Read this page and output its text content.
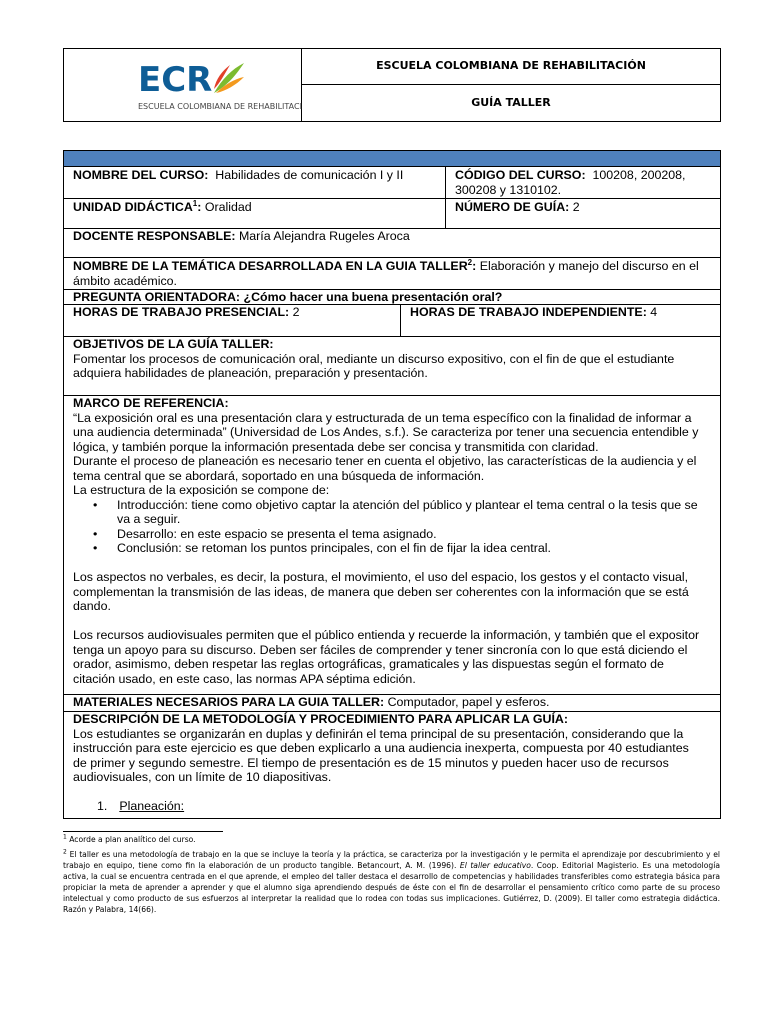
ECR
ESCUELA COLOMBIANA DE REHABILITACIÓN
ESCUELA COLOMBIANA DE REHABILITACIÓN
GUÍA TALLER
NOMBRE DEL CURSO: Habilidades de comunicación I y II	CÓDIGO DEL CURSO: 100208, 200208,
300208 y 1310102.
UNIDAD DIDÁCTICA$^1$: Oralidad	NÚMERO DE GUÍA: 2
DOCENTE RESPONSABLE: María Alejandra Rugeles Aroca
NOMBRE DE LA TEMÁTICA DESARROLLADA EN LA GUIA TALLER$^2$: Elaboración y manejo del discurso en el
ámbito académico.
PREGUNTA ORIENTADORA: ¿Cómo hacer una buena presentación oral?
HORAS DE TRABAJO PRESENCIAL: 2	HORAS DE TRABAJO INDEPENDIENTE: 4
OBJETIVOS DE LA GUÍA TALLER:
Fomentar los procesos de comunicación oral, mediante un discurso expositivo, con el fin de que el estudiante
adquiera habilidades de planeación, preparación y presentación.
MARCO DE REFERENCIA:
“La exposición oral es una presentación clara y estructurada de un tema específico con la finalidad de informar a
una audiencia determinada” (Universidad de Los Andes, s.f.). Se caracteriza por tener una secuencia entendible y
lógica, y también porque la información presentada debe ser concisa y transmitida con claridad.
Durante el proceso de planeación es necesario tener en cuenta el objetivo, las características de la audiencia y el
tema central que se abordará, soportado en una búsqueda de información.
La estructura de la exposición se compone de:
• Introducción: tiene como objetivo captar la atención del público y plantear el tema central o la tesis que se
va a seguir.
• Desarrollo: en este espacio se presenta el tema asignado.
• Conclusión: se retoman los puntos principales, con el fin de fijar la idea central.
Los aspectos no verbales, es decir, la postura, el movimiento, el uso del espacio, los gestos y el contacto visual,
complementan la transmisión de las ideas, de manera que deben ser coherentes con la información que se está
dando.

Los recursos audiovisuales permiten que el público entienda y recuerde la información, y también que el expositor
tenga un apoyo para su discurso. Deben ser fáciles de comprender y tener sincronía con lo que está diciendo el
orador, asimismo, deben respetar las reglas ortográficas, gramaticales y las dispuestas según el formato de
citación usado, en este caso, las normas APA séptima edición.
MATERIALES NECESARIOS PARA LA GUIA TALLER: Computador, papel y esferos.
DESCRIPCIÓN DE LA METODOLOGÍA Y PROCEDIMIENTO PARA APLICAR LA GUÍA:
Los estudiantes se organizarán en duplas y definirán el tema principal de su presentación, considerando que la
instrucción para este ejercicio es que deben explicarlo a una audiencia inexperta, compuesta por 40 estudiantes
de primer y segundo semestre. El tiempo de presentación es de 15 minutos y pueden hacer uso de recursos
audiovisuales, con un límite de 10 diapositivas.

1. Planeación:
$^1$ Acorde a plan analítico del curso.
$^2$ El taller es una metodología de trabajo en la que se incluye la teoría y la práctica, se caracteriza por la investigación y le permita el aprendizaje por descubrimiento y el trabajo en equipo, tiene como fin la elaboración de un producto tangible. Betancourt, A. M. (1996). El taller educativo. Coop. Editorial Magisterio. Es una metodología activa, la cual se encuentra centrada en el que aprende, el empleo del taller destaca el desarrollo de competencias y habilidades transferibles como estrategia básica para propiciar la meta de aprender a aprender y que el alumno siga aprendiendo después de éste con el fin de desarrollar el pensamiento crítico como parte de su proceso intelectual y como producto de sus esfuerzos al interpretar la realidad que lo rodea con todas sus implicaciones. Gutiérrez, D. (2009). El taller como estrategia didáctica. Razón y Palabra, 14(66).
